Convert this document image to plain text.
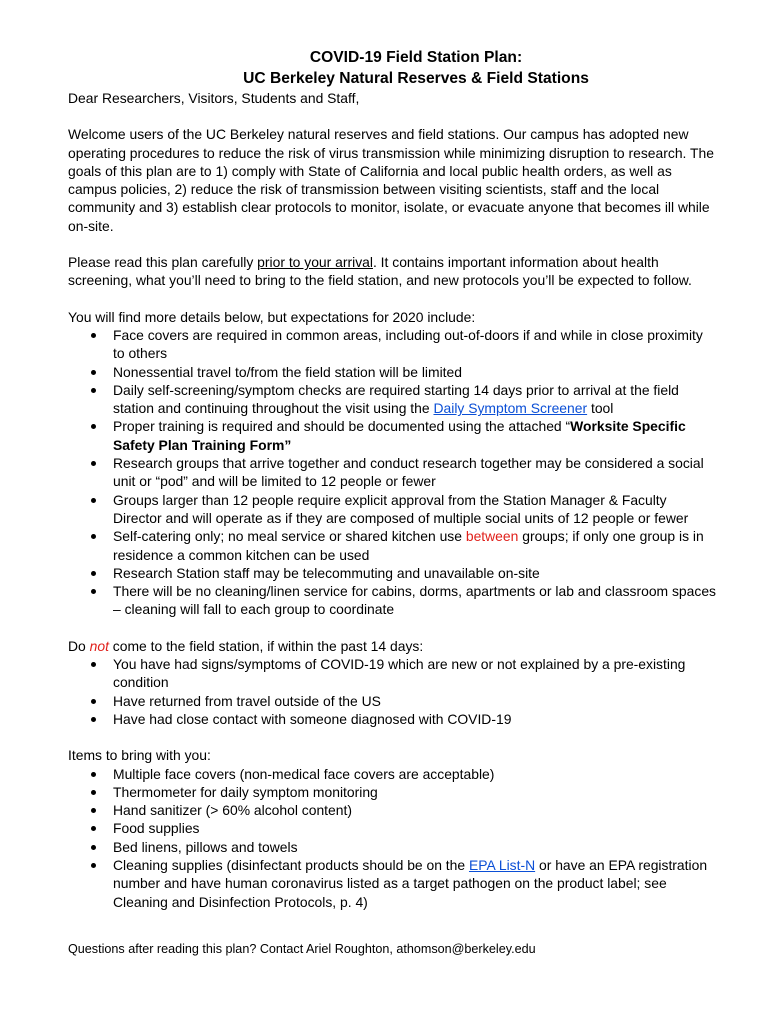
COVID-19 Field Station Plan:

UC Berkeley Natural Reserves & Field Stations

Dear Researchers, Visitors, Students and Staff,

Welcome users of the UC Berkeley natural reserves and field stations. Our campus has adopted new operating procedures to reduce the risk of virus transmission while minimizing disruption to research. The goals of this plan are to 1) comply with State of California and local public health orders, as well as campus policies, 2) reduce the risk of transmission between visiting scientists, staff and the local community and 3) establish clear protocols to monitor, isolate, or evacuate anyone that becomes ill while on-site.

Please read this plan carefully prior to your arrival. It contains important information about health screening, what you’ll need to bring to the field station, and new protocols you’ll be expected to follow.

You will find more details below, but expectations for 2020 include:

Face covers are required in common areas, including out-of-doors if and while in close proximity to others
Nonessential travel to/from the field station will be limited
Daily self-screening/symptom checks are required starting 14 days prior to arrival at the field station and continuing throughout the visit using the Daily Symptom Screener tool
Proper training is required and should be documented using the attached “Worksite Specific Safety Plan Training Form”
Research groups that arrive together and conduct research together may be considered a social unit or “pod” and will be limited to 12 people or fewer
Groups larger than 12 people require explicit approval from the Station Manager & Faculty Director and will operate as if they are composed of multiple social units of 12 people or fewer
Self-catering only; no meal service or shared kitchen use between groups; if only one group is in residence a common kitchen can be used
Research Station staff may be telecommuting and unavailable on-site
There will be no cleaning/linen service for cabins, dorms, apartments or lab and classroom spaces – cleaning will fall to each group to coordinate

Do not come to the field station, if within the past 14 days:

You have had signs/symptoms of COVID-19 which are new or not explained by a pre-existing condition
Have returned from travel outside of the US
Have had close contact with someone diagnosed with COVID-19

Items to bring with you:

Multiple face covers (non-medical face covers are acceptable)
Thermometer for daily symptom monitoring
Hand sanitizer (> 60% alcohol content)
Food supplies
Bed linens, pillows and towels
Cleaning supplies (disinfectant products should be on the EPA List-N or have an EPA registration number and have human coronavirus listed as a target pathogen on the product label; see Cleaning and Disinfection Protocols, p. 4)

Questions after reading this plan? Contact Ariel Roughton, athomson@berkeley.edu
